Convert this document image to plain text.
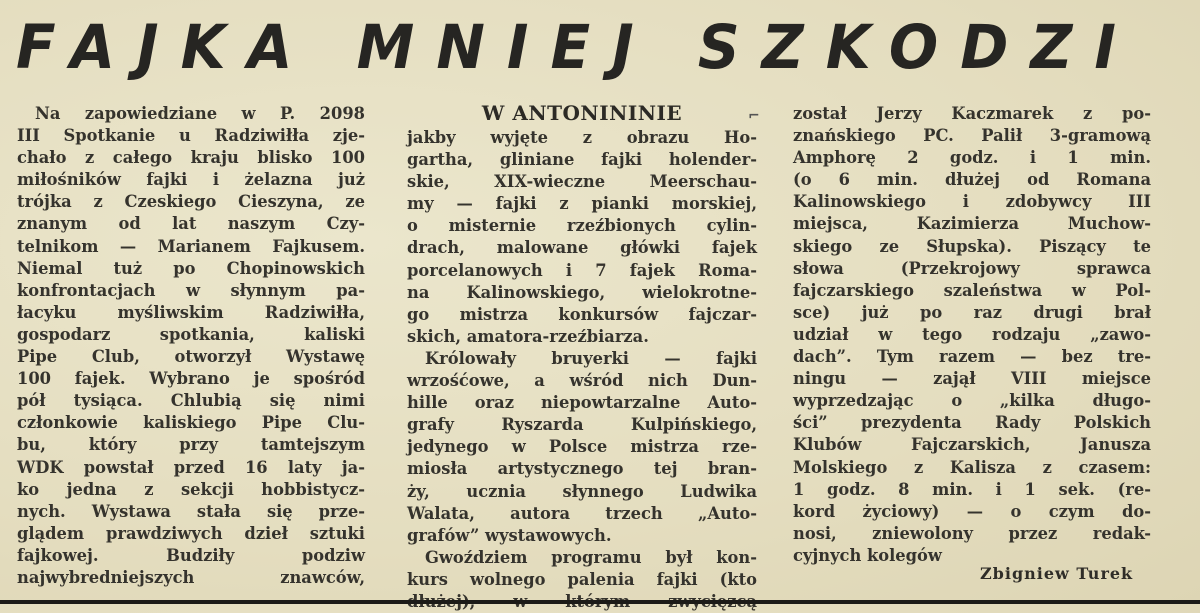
FAJKA MNIEJ SZKODZI
Na zapowiedziane w P. 2098
III Spotkanie u Radziwiłła zje-
chało z całego kraju blisko 100
miłośników fajki i żelazna już
trójka z Czeskiego Cieszyna, ze
znanym od lat naszym Czy-
telnikom — Marianem Fajkusem.
Niemal tuż po Chopinowskich
konfrontacjach w słynnym pa-
łacyku myśliwskim Radziwiłła,
gospodarz spotkania, kaliski
Pipe Club, otworzył Wystawę
100 fajek. Wybrano je spośród
pół tysiąca. Chlubią się nimi
członkowie kaliskiego Pipe Clu-
bu, który przy tamtejszym
WDK powstał przed 16 laty ja-
ko jedna z sekcji hobbistycz-
nych. Wystawa stała się prze-
glądem prawdziwych dzieł sztuki
fajkowej. Budziły podziw
najwybredniejszych znawców,
W ANTONININIE
jakby wyjęte z obrazu Ho-
gartha, gliniane fajki holender-
skie, XIX-wieczne Meerschau-
my — fajki z pianki morskiej,
o misternie rzeźbionych cylin-
drach, malowane główki fajek
porcelanowych i 7 fajek Roma-
na Kalinowskiego, wielokrotne-
go mistrza konkursów fajczar-
skich, amatora-rzeźbiarza.
Królowały bruyerki — fajki
wrzośćowe, a wśród nich Dun-
hille oraz niepowtarzalne Auto-
grafy Ryszarda Kulpińskiego,
jedynego w Polsce mistrza rze-
miosła artystycznego tej bran-
ży, ucznia słynnego Ludwika
Walata, autora trzech „Auto-
grafów” wystawowych.
Gwoździem programu był kon-
kurs wolnego palenia fajki (kto
⌐ został Jerzy Kaczmarek z po-
znańskiego PC. Palił 3-gramową
Amphorę 2 godz. i 1 min.
(o 6 min. dłużej od Romana
Kalinowskiego i zdobywcy III
miejsca, Kazimierza Muchow-
skiego ze Słupska). Piszący te
słowa (Przekrojowy sprawca
fajczarskiego szaleństwa w Pol-
sce) już po raz drugi brał
udział w tego rodzaju „zawo-
dach”. Tym razem — bez tre-
ningu — zajął VIII miejsce
wyprzedzając o „kilka długo-
ści” prezydenta Rady Polskich
Klubów Fajczarskich, Janusza
Molskiego z Kalisza z czasem:
1 godz. 8 min. i 1 sek. (re-
kord życiowy) — o czym do-
nosi, zniewolony przez redak-
cyjnych kolegów
Zbigniew Turek
